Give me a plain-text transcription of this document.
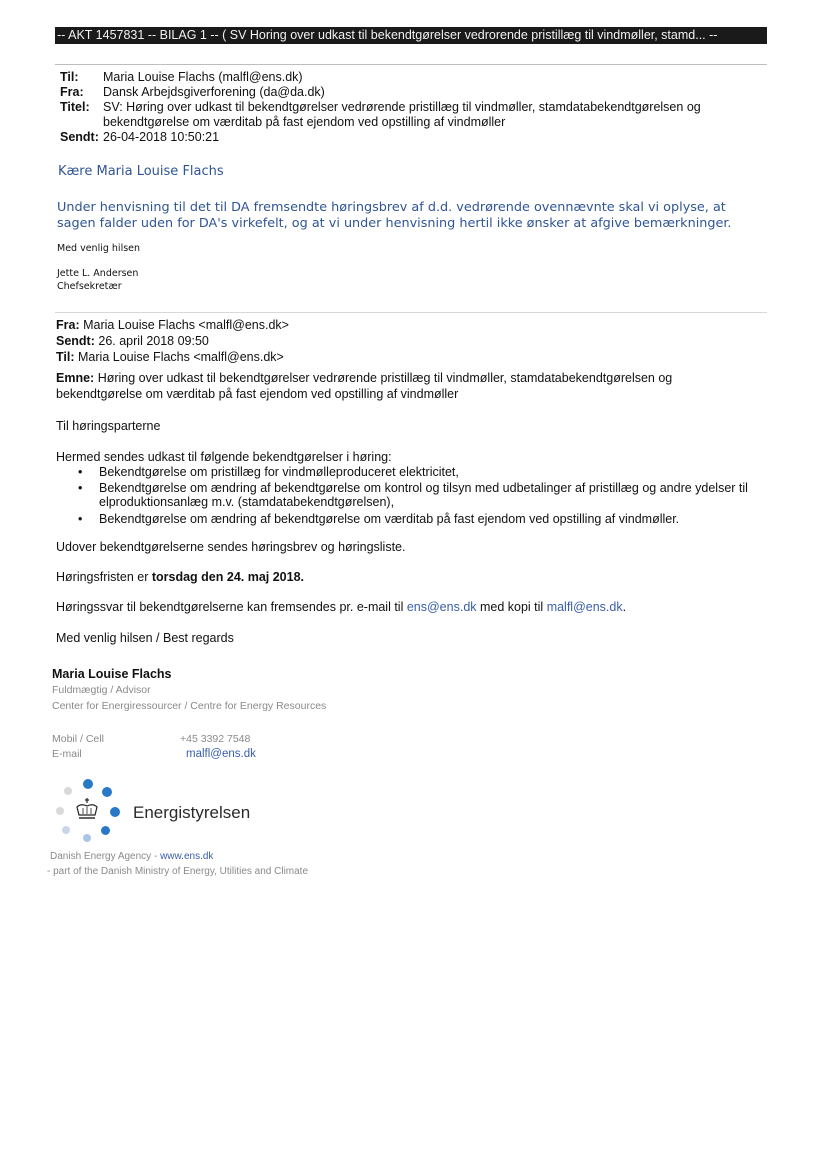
-- AKT 1457831 -- BILAG 1 -- ( SV Horing over udkast til bekendtgørelser vedrorende pristillæg til vindmøller, stamd... --
Til: Maria Louise Flachs (malfl@ens.dk)
Fra: Dansk Arbejdsgiverforening (da@da.dk)
Titel: SV: Høring over udkast til bekendtgørelser vedrørende pristillæg til vindmøller, stamdatabekendtgørelsen og
bekendtgørelse om værditab på fast ejendom ved opstilling af vindmøller
Sendt: 26-04-2018 10:50:21
Kære Maria Louise Flachs
Under henvisning til det til DA fremsendte høringsbrev af d.d. vedrørende ovennævnte skal vi oplyse, at
sagen falder uden for DA's virkefelt, og at vi under henvisning hertil ikke ønsker at afgive bemærkninger.
Med venlig hilsen
Jette L. Andersen
Chefsekretær
Fra: Maria Louise Flachs <malfl@ens.dk>
Sendt: 26. april 2018 09:50
Til: Maria Louise Flachs <malfl@ens.dk>
Emne: Høring over udkast til bekendtgørelser vedrørende pristillæg til vindmøller, stamdatabekendtgørelsen og
bekendtgørelse om værditab på fast ejendom ved opstilling af vindmøller
Til høringsparterne
Hermed sendes udkast til følgende bekendtgørelser i høring:
• Bekendtgørelse om pristillæg for vindmølleproduceret elektricitet,
• Bekendtgørelse om ændring af bekendtgørelse om kontrol og tilsyn med udbetalinger af pristillæg og andre ydelser til
elproduktionsanlæg m.v. (stamdatabekendtgørelsen),
• Bekendtgørelse om ændring af bekendtgørelse om værditab på fast ejendom ved opstilling af vindmøller.
Udover bekendtgørelserne sendes høringsbrev og høringsliste.
Høringsfristen er torsdag den 24. maj 2018.
Høringssvar til bekendtgørelserne kan fremsendes pr. e-mail til ens@ens.dk med kopi til malfl@ens.dk.
Med venlig hilsen / Best regards
Maria Louise Flachs
Fuldmægtig / Advisor
Center for Energiressourcer / Centre for Energy Resources
Mobil / Cell	+45 3392 7548
E-mail	malfl@ens.dk
Energistyrelsen
Danish Energy Agency - www.ens.dk
- part of the Danish Ministry of Energy, Utilities and Climate
